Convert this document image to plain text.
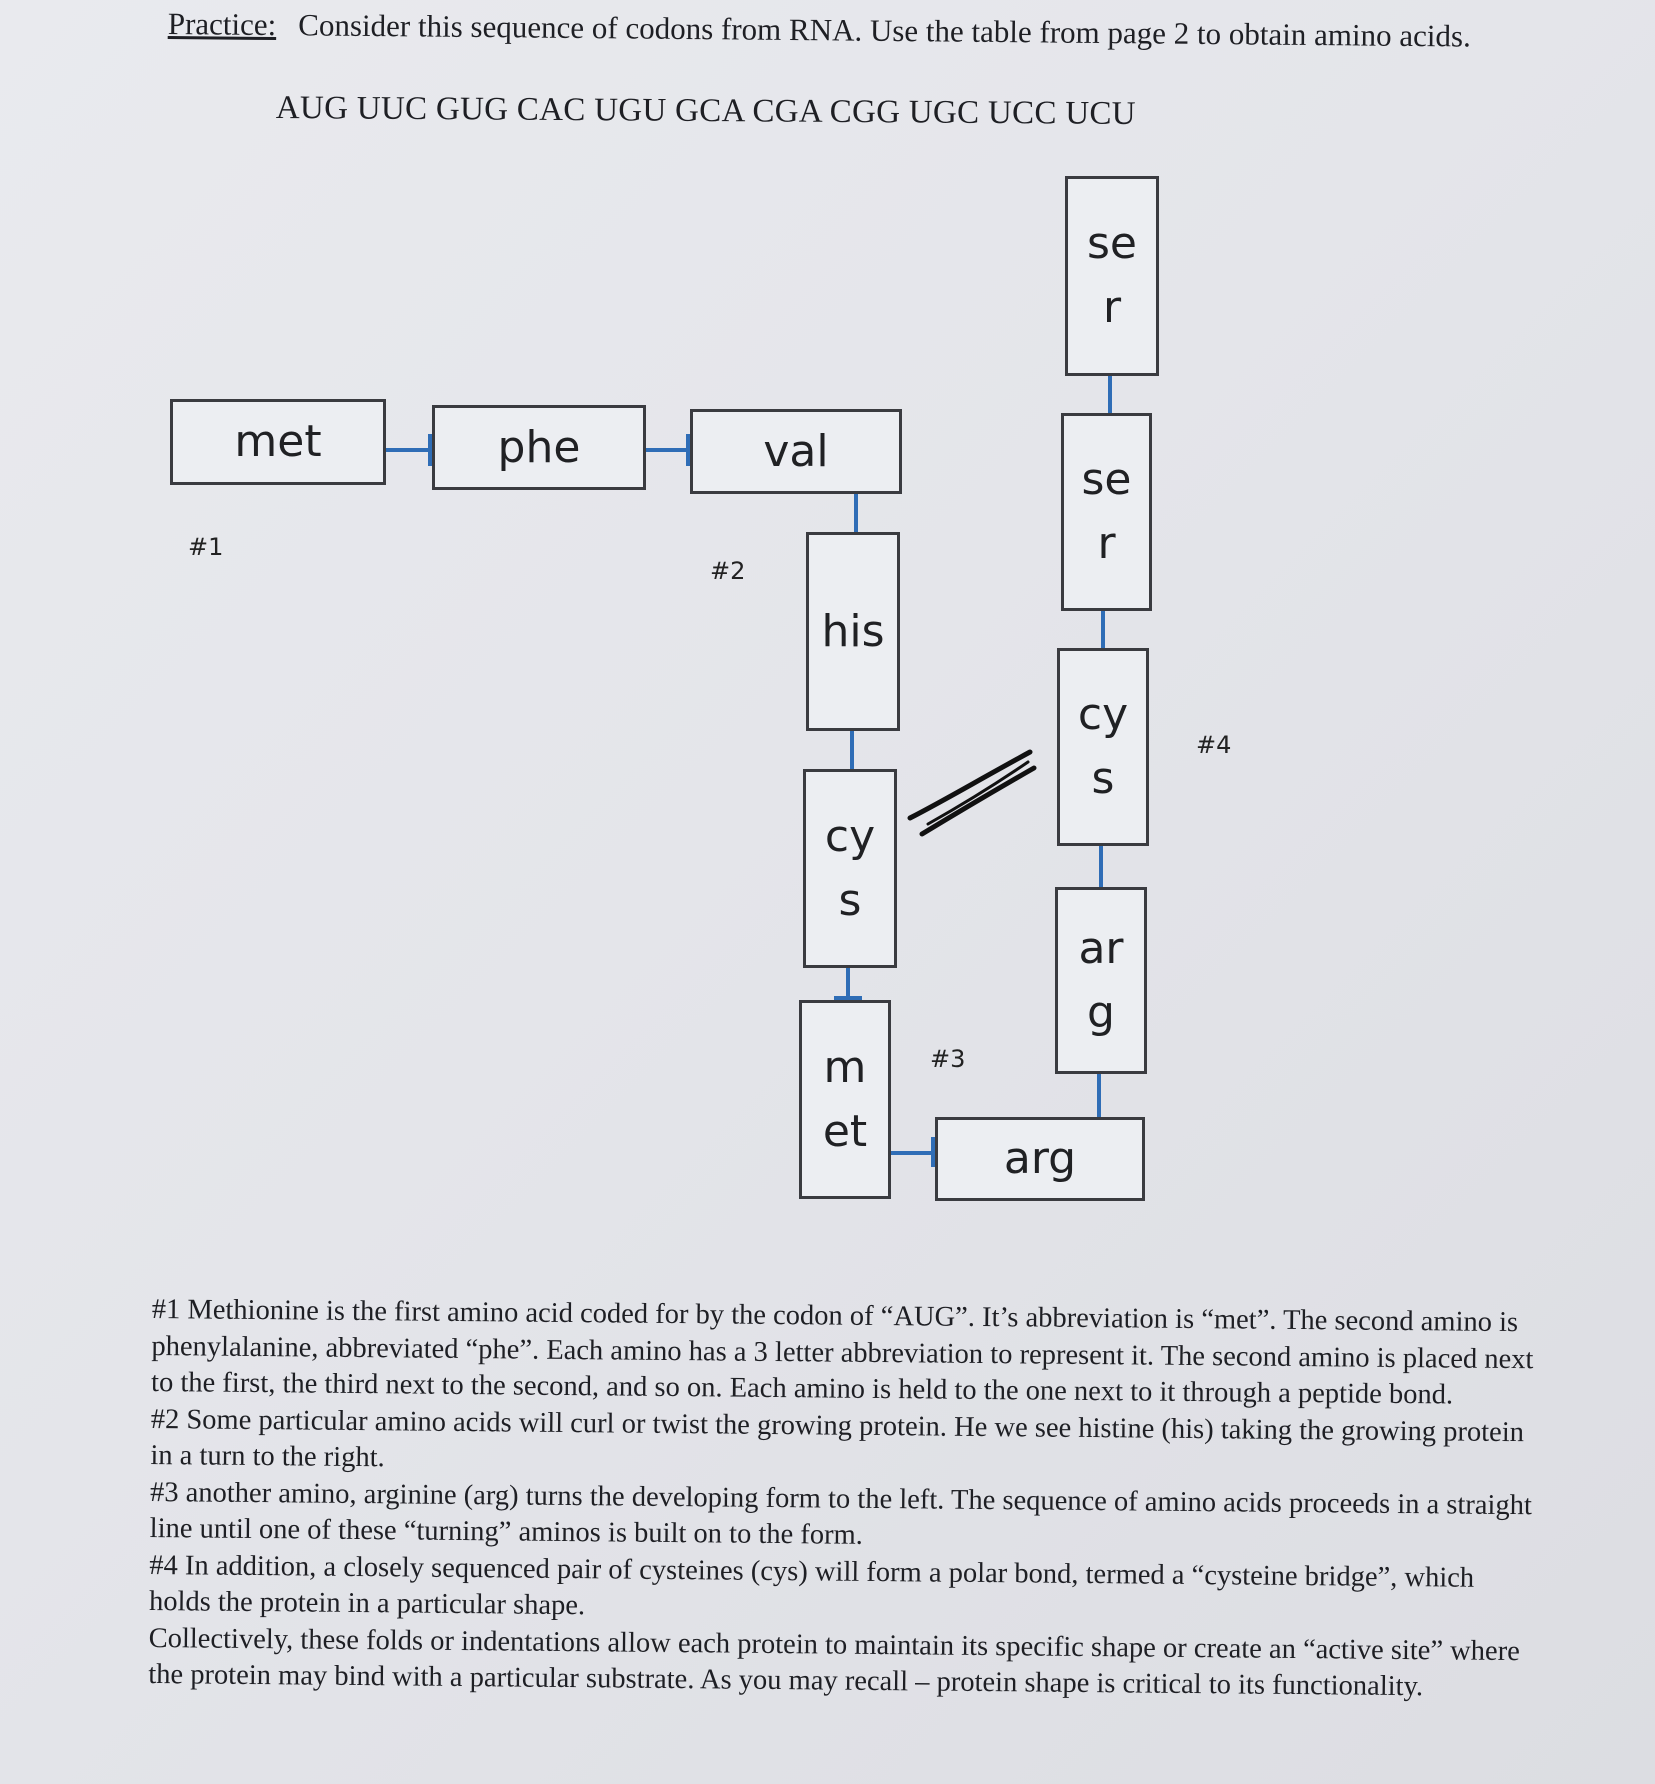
Practice: Consider this sequence of codons from RNA. Use the table from page 2 to obtain amino acids.
AUG UUC GUG CAC UGU GCA CGA CGG UGC UCC UCU
met	phe	val
his
cy
s
m
et
arg
ar
g
cy
s
se
r
se
r
#1
#2
#3
#4

#1 Methionine is the first amino acid coded for by the codon of “AUG”. It’s abbreviation is “met”. The second amino is phenylalanine, abbreviated “phe”. Each amino has a 3 letter abbreviation to represent it. The second amino is placed next to the first, the third next to the second, and so on. Each amino is held to the one next to it through a peptide bond.

#2 Some particular amino acids will curl or twist the growing protein. He we see histine (his) taking the growing protein in a turn to the right.

#3 another amino, arginine (arg) turns the developing form to the left. The sequence of amino acids proceeds in a straight line until one of these “turning” aminos is built on to the form.

#4 In addition, a closely sequenced pair of cysteines (cys) will form a polar bond, termed a “cysteine bridge”, which holds the protein in a particular shape.

Collectively, these folds or indentations allow each protein to maintain its specific shape or create an “active site” where the protein may bind with a particular substrate. As you may recall – protein shape is critical to its functionality.
